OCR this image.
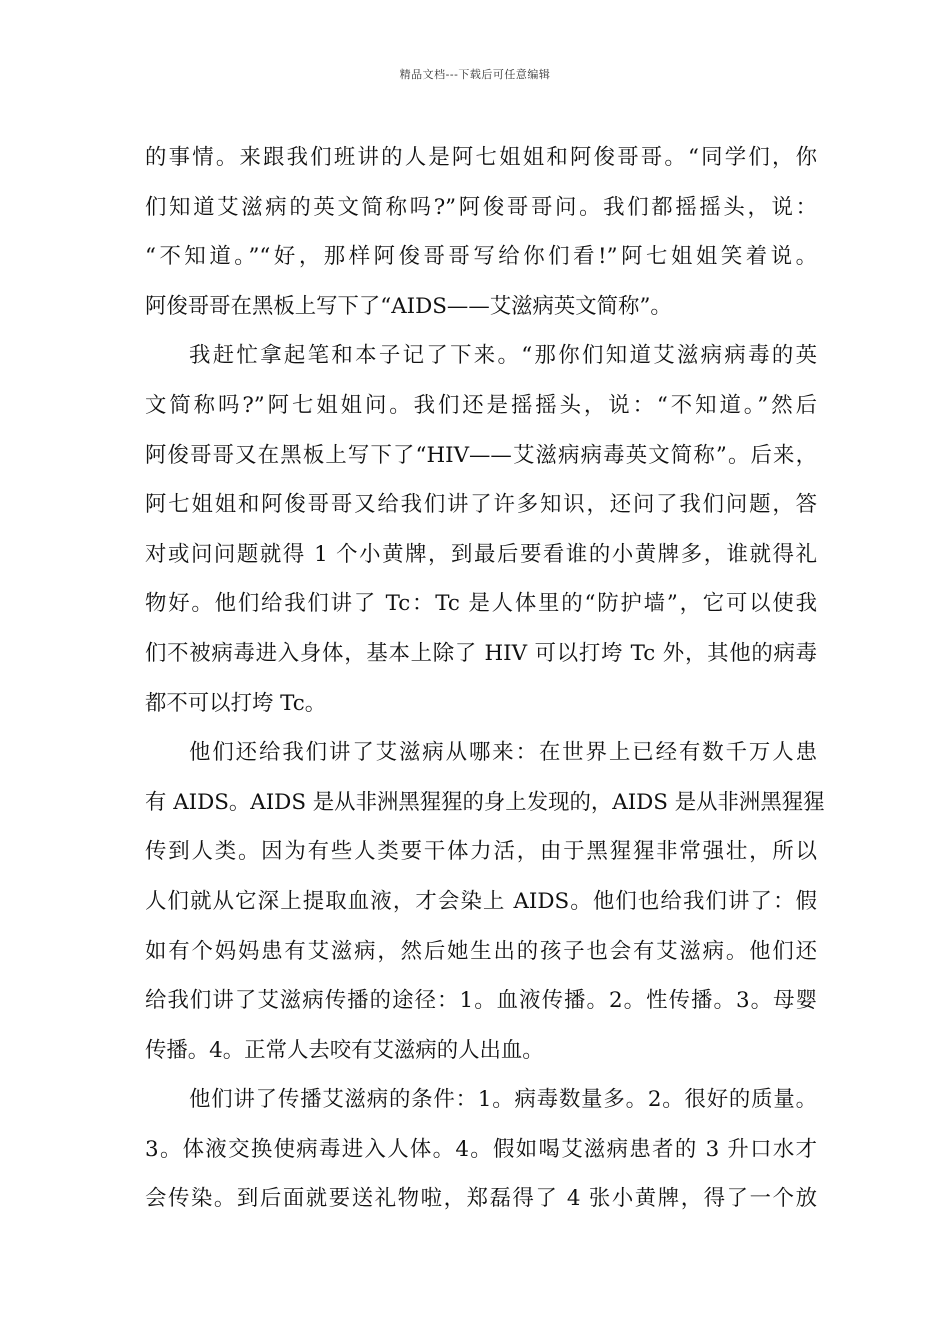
精品文档---下载后可任意编辑
的事情。来跟我们班讲的人是阿七姐姐和阿俊哥哥。“同学们，你
们知道艾滋病的英文简称吗?”阿俊哥哥问。我们都摇摇头，说：
“不知道。”“好，那样阿俊哥哥写给你们看!”阿七姐姐笑着说。
阿俊哥哥在黑板上写下了“AIDS——艾滋病英文简称”。
我赶忙拿起笔和本子记了下来。“那你们知道艾滋病病毒的英
文简称吗?”阿七姐姐问。我们还是摇摇头，说：“不知道。”然后
阿俊哥哥又在黑板上写下了“HIV——艾滋病病毒英文简称”。后来，
阿七姐姐和阿俊哥哥又给我们讲了许多知识，还问了我们问题，答
对或问问题就得 1 个小黄牌，到最后要看谁的小黄牌多，谁就得礼
物好。他们给我们讲了 Tc：Tc 是人体里的“防护墙”，它可以使我
们不被病毒进入身体，基本上除了 HIV 可以打垮 Tc 外，其他的病毒
都不可以打垮 Tc。
他们还给我们讲了艾滋病从哪来：在世界上已经有数千万人患
有 AIDS。AIDS 是从非洲黑猩猩的身上发现的，AIDS 是从非洲黑猩猩
传到人类。因为有些人类要干体力活，由于黑猩猩非常强壮，所以
人们就从它深上提取血液，才会染上 AIDS。他们也给我们讲了：假
如有个妈妈患有艾滋病，然后她生出的孩子也会有艾滋病。他们还
给我们讲了艾滋病传播的途径：1。血液传播。2。性传播。3。母婴
传播。4。正常人去咬有艾滋病的人出血。
他们讲了传播艾滋病的条件：1。病毒数量多。2。很好的质量。
3。体液交换使病毒进入人体。4。假如喝艾滋病患者的 3 升口水才
会传染。到后面就要送礼物啦，郑磊得了 4 张小黄牌，得了一个放
